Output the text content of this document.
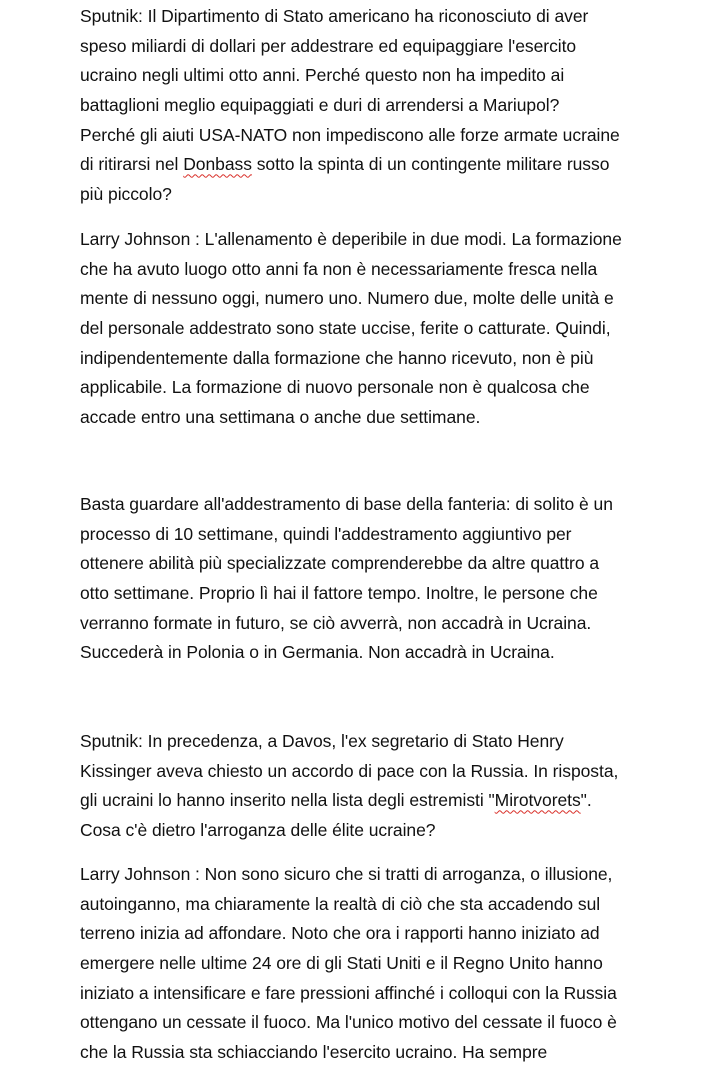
Sputnik: Il Dipartimento di Stato americano ha riconosciuto di aver
speso miliardi di dollari per addestrare ed equipaggiare l'esercito
ucraino negli ultimi otto anni. Perché questo non ha impedito ai
battaglioni meglio equipaggiati e duri di arrendersi a Mariupol?
Perché gli aiuti USA-NATO non impediscono alle forze armate ucraine
di ritirarsi nel Donbass sotto la spinta di un contingente militare russo
più piccolo?
Larry Johnson : L'allenamento è deperibile in due modi. La formazione
che ha avuto luogo otto anni fa non è necessariamente fresca nella
mente di nessuno oggi, numero uno. Numero due, molte delle unità e
del personale addestrato sono state uccise, ferite o catturate. Quindi,
indipendentemente dalla formazione che hanno ricevuto, non è più
applicabile. La formazione di nuovo personale non è qualcosa che
accade entro una settimana o anche due settimane.
Basta guardare all'addestramento di base della fanteria: di solito è un
processo di 10 settimane, quindi l'addestramento aggiuntivo per
ottenere abilità più specializzate comprenderebbe da altre quattro a
otto settimane. Proprio lì hai il fattore tempo. Inoltre, le persone che
verranno formate in futuro, se ciò avverrà, non accadrà in Ucraina.
Succederà in Polonia o in Germania. Non accadrà in Ucraina.
Sputnik: In precedenza, a Davos, l'ex segretario di Stato Henry
Kissinger aveva chiesto un accordo di pace con la Russia. In risposta,
gli ucraini lo hanno inserito nella lista degli estremisti "Mirotvorets".
Cosa c'è dietro l'arroganza delle élite ucraine?
Larry Johnson : Non sono sicuro che si tratti di arroganza, o illusione,
autoinganno, ma chiaramente la realtà di ciò che sta accadendo sul
terreno inizia ad affondare. Noto che ora i rapporti hanno iniziato ad
emergere nelle ultime 24 ore di gli Stati Uniti e il Regno Unito hanno
iniziato a intensificare e fare pressioni affinché i colloqui con la Russia
ottengano un cessate il fuoco. Ma l'unico motivo del cessate il fuoco è
che la Russia sta schiacciando l'esercito ucraino. Ha sempre
